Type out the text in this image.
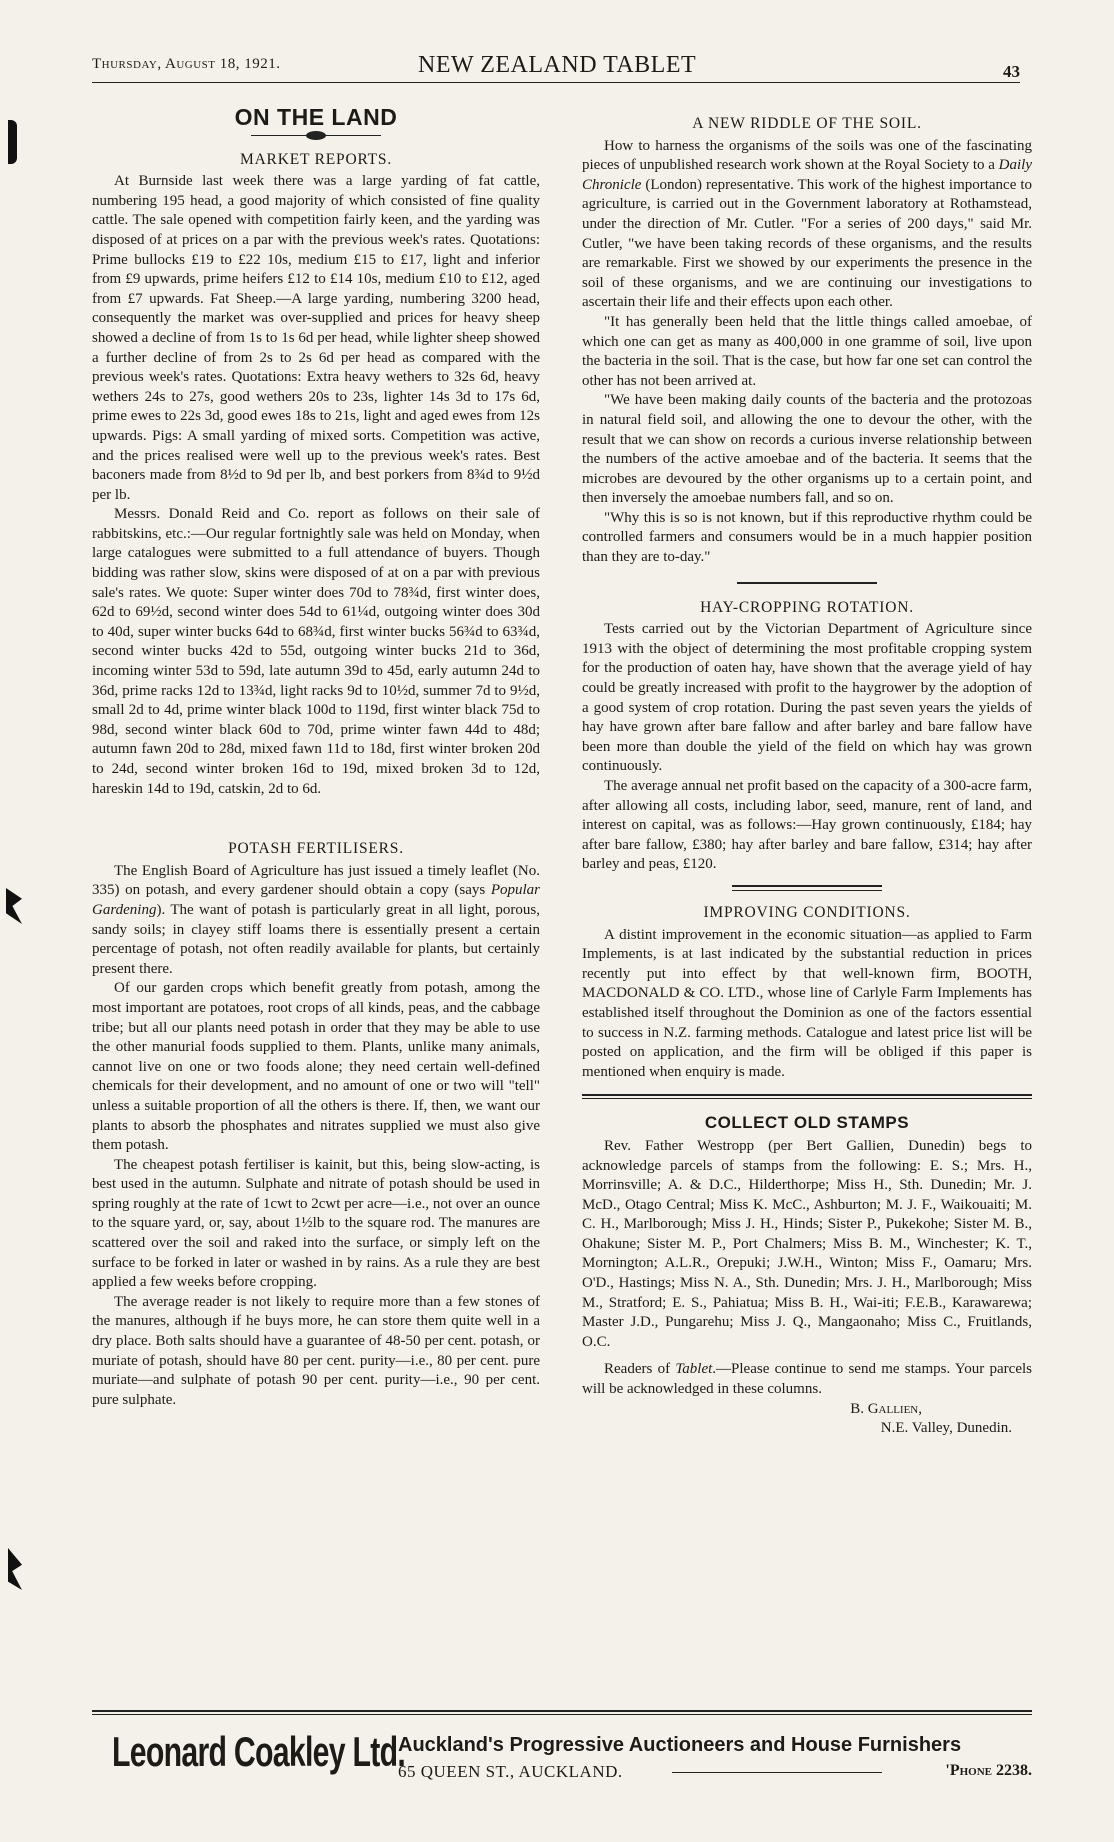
Thursday, August 18, 1921.	NEW ZEALAND TABLET	43
ON THE LAND
MARKET REPORTS.

At Burnside last week there was a large yarding of fat cattle, numbering 195 head, a good majority of which consisted of fine quality cattle. The sale opened with competition fairly keen, and the yarding was disposed of at prices on a par with the previous week's rates. Quotations: Prime bullocks £19 to £22 10s, medium £15 to £17, light and inferior from £9 upwards, prime heifers £12 to £14 10s, medium £10 to £12, aged from £7 upwards. Fat Sheep.—A large yarding, numbering 3200 head, consequently the market was over-supplied and prices for heavy sheep showed a decline of from 1s to 1s 6d per head, while lighter sheep showed a further decline of from 2s to 2s 6d per head as compared with the previous week's rates. Quotations: Extra heavy wethers to 32s 6d, heavy wethers 24s to 27s, good wethers 20s to 23s, lighter 14s 3d to 17s 6d, prime ewes to 22s 3d, good ewes 18s to 21s, light and aged ewes from 12s upwards. Pigs: A small yarding of mixed sorts. Competition was active, and the prices realised were well up to the previous week's rates. Best baconers made from 8½d to 9d per lb, and best porkers from 8¾d to 9½d per lb.

Messrs. Donald Reid and Co. report as follows on their sale of rabbitskins, etc.:—Our regular fortnightly sale was held on Monday, when large catalogues were submitted to a full attendance of buyers. Though bidding was rather slow, skins were disposed of at on a par with previous sale's rates. We quote: Super winter does 70d to 78¾d, first winter does, 62d to 69½d, second winter does 54d to 61¼d, outgoing winter does 30d to 40d, super winter bucks 64d to 68¾d, first winter bucks 56¾d to 63¾d, second winter bucks 42d to 55d, outgoing winter bucks 21d to 36d, incoming winter 53d to 59d, late autumn 39d to 45d, early autumn 24d to 36d, prime racks 12d to 13¾d, light racks 9d to 10½d, summer 7d to 9½d, small 2d to 4d, prime winter black 100d to 119d, first winter black 75d to 98d, second winter black 60d to 70d, prime winter fawn 44d to 48d; autumn fawn 20d to 28d, mixed fawn 11d to 18d, first winter broken 20d to 24d, second winter broken 16d to 19d, mixed broken 3d to 12d, hareskin 14d to 19d, catskin, 2d to 6d.

POTASH FERTILISERS.

The English Board of Agriculture has just issued a timely leaflet (No. 335) on potash, and every gardener should obtain a copy (says Popular Gardening). The want of potash is particularly great in all light, porous, sandy soils; in clayey stiff loams there is essentially present a certain percentage of potash, not often readily available for plants, but certainly present there.

Of our garden crops which benefit greatly from potash, among the most important are potatoes, root crops of all kinds, peas, and the cabbage tribe; but all our plants need potash in order that they may be able to use the other manurial foods supplied to them. Plants, unlike many animals, cannot live on one or two foods alone; they need certain well-defined chemicals for their development, and no amount of one or two will "tell" unless a suitable proportion of all the others is there. If, then, we want our plants to absorb the phosphates and nitrates supplied we must also give them potash.

The cheapest potash fertiliser is kainit, but this, being slow-acting, is best used in the autumn. Sulphate and nitrate of potash should be used in spring roughly at the rate of 1cwt to 2cwt per acre—i.e., not over an ounce to the square yard, or, say, about 1½lb to the square rod. The manures are scattered over the soil and raked into the surface, or simply left on the surface to be forked in later or washed in by rains. As a rule they are best applied a few weeks before cropping.

The average reader is not likely to require more than a few stones of the manures, although if he buys more, he can store them quite well in a dry place. Both salts should have a guarantee of 48-50 per cent. potash, or muriate of potash, should have 80 per cent. purity—i.e., 80 per cent. pure muriate—and sulphate of potash 90 per cent. purity—i.e., 90 per cent. pure sulphate.

A NEW RIDDLE OF THE SOIL.

How to harness the organisms of the soils was one of the fascinating pieces of unpublished research work shown at the Royal Society to a Daily Chronicle (London) representative. This work of the highest importance to agriculture, is carried out in the Government laboratory at Rothamstead, under the direction of Mr. Cutler. "For a series of 200 days," said Mr. Cutler, "we have been taking records of these organisms, and the results are remarkable. First we showed by our experiments the presence in the soil of these organisms, and we are continuing our investigations to ascertain their life and their effects upon each other.

"It has generally been held that the little things called amoebae, of which one can get as many as 400,000 in one gramme of soil, live upon the bacteria in the soil. That is the case, but how far one set can control the other has not been arrived at.

"We have been making daily counts of the bacteria and the protozoas in natural field soil, and allowing the one to devour the other, with the result that we can show on records a curious inverse relationship between the numbers of the active amoebae and of the bacteria. It seems that the microbes are devoured by the other organisms up to a certain point, and then inversely the amoebae numbers fall, and so on.

"Why this is so is not known, but if this reproductive rhythm could be controlled farmers and consumers would be in a much happier position than they are to-day."

HAY-CROPPING ROTATION.

Tests carried out by the Victorian Department of Agriculture since 1913 with the object of determining the most profitable cropping system for the production of oaten hay, have shown that the average yield of hay could be greatly increased with profit to the haygrower by the adoption of a good system of crop rotation. During the past seven years the yields of hay have grown after bare fallow and after barley and bare fallow have been more than double the yield of the field on which hay was grown continuously.

The average annual net profit based on the capacity of a 300-acre farm, after allowing all costs, including labor, seed, manure, rent of land, and interest on capital, was as follows:—Hay grown continuously, £184; hay after bare fallow, £380; hay after barley and bare fallow, £314; hay after barley and peas, £120.

IMPROVING CONDITIONS.

A distint improvement in the economic situation—as applied to Farm Implements, is at last indicated by the substantial reduction in prices recently put into effect by that well-known firm, BOOTH, MACDONALD & CO. LTD., whose line of Carlyle Farm Implements has established itself throughout the Dominion as one of the factors essential to success in N.Z. farming methods. Catalogue and latest price list will be posted on application, and the firm will be obliged if this paper is mentioned when enquiry is made.

COLLECT OLD STAMPS

Rev. Father Westropp (per Bert Gallien, Dunedin) begs to acknowledge parcels of stamps from the following: E. S.; Mrs. H., Morrinsville; A. & D.C., Hilderthorpe; Miss H., Sth. Dunedin; Mr. J. McD., Otago Central; Miss K. McC., Ashburton; M. J. F., Waikouaiti; M. C. H., Marlborough; Miss J. H., Hinds; Sister P., Pukekohe; Sister M. B., Ohakune; Sister M. P., Port Chalmers; Miss B. M., Winchester; K. T., Mornington; A.L.R., Orepuki; J.W.H., Winton; Miss F., Oamaru; Mrs. O'D., Hastings; Miss N. A., Sth. Dunedin; Mrs. J. H., Marlborough; Miss M., Stratford; E. S., Pahiatua; Miss B. H., Wai-iti; F.E.B., Karawarewa; Master J.D., Pungarehu; Miss J. Q., Mangaonaho; Miss C., Fruitlands, O.C.

Readers of Tablet.—Please continue to send me stamps. Your parcels will be acknowledged in these columns.

B. Gallien,

N.E. Valley, Dunedin.

Leonard Coakley Ltd.
Auckland's Progressive Auctioneers and House Furnishers
65 QUEEN ST., AUCKLAND.	'Phone 2238.
